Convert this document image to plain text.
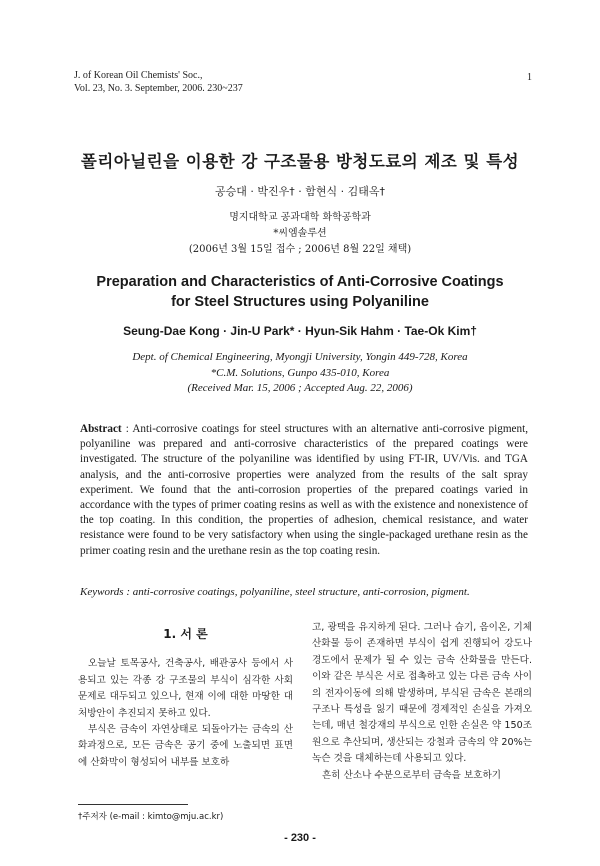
J. of Korean Oil Chemists' Soc.,
Vol. 23, No. 3. September, 2006. 230~237
1
폴리아닐린을 이용한 강 구조물용 방청도료의 제조 및 특성
공승대 · 박진우† · 함현식 · 김태옥†
명지대학교 공과대학 화학공학과
*씨엠솔루션
(2006년 3월 15일 접수 ; 2006년 8월 22일 채택)
Preparation and Characteristics of Anti-Corrosive Coatings
for Steel Structures using Polyaniline
Seung-Dae Kong · Jin-U Park* · Hyun-Sik Hahm · Tae-Ok Kim†
Dept. of Chemical Engineering, Myongji University, Yongin 449-728, Korea
*C.M. Solutions, Gunpo 435-010, Korea
(Received Mar. 15, 2006 ; Accepted Aug. 22, 2006)
Abstract : Anti-corrosive coatings for steel structures with an alternative anti-corrosive pigment, polyaniline was prepared and anti-corrosive characteristics of the prepared coatings were investigated. The structure of the polyaniline was identified by using FT-IR, UV/Vis. and TGA analysis, and the anti-corrosive properties were analyzed from the results of the salt spray experiment. We found that the anti-corrosion properties of the prepared coatings varied in accordance with the types of primer coating resins as well as with the existence and nonexistence of the top coating. In this condition, the properties of adhesion, chemical resistance, and water resistance were found to be very satisfactory when using the single-packaged urethane resin as the primer coating resin and the urethane resin as the top coating resin.
Keywords : anti-corrosive coatings, polyaniline, steel structure, anti-corrosion, pigment.
1. 서 론

오늘날 토목공사, 건축공사, 배관공사 등에서 사용되고 있는 각종 강 구조물의 부식이 심각한 사회문제로 대두되고 있으나, 현재 이에 대한 마땅한 대처방안이 추진되지 못하고 있다.

부식은 금속이 자연상태로 되돌아가는 금속의 산화과정으로, 모든 금속은 공기 중에 노출되면 표면에 산화막이 형성되어 내부를 보호하

고, 광택을 유지하게 된다. 그러나 습기, 음이온, 기체 산화물 등이 존재하면 부식이 쉽게 진행되어 강도나 경도에서 문제가 될 수 있는 금속 산화물을 만든다. 이와 같은 부식은 서로 접촉하고 있는 다른 금속 사이의 전자이동에 의해 발생하며, 부식된 금속은 본래의 구조나 특성을 잃기 때문에 경제적인 손실을 가져오는데, 매년 철강재의 부식으로 인한 손실은 약 150조원으로 추산되며, 생산되는 강철과 금속의 약 20%는 녹슨 것을 대체하는데 사용되고 있다.

흔히 산소나 수분으로부터 금속을 보호하기

†주저자 (e-mail : kimto@mju.ac.kr)
- 230 -
